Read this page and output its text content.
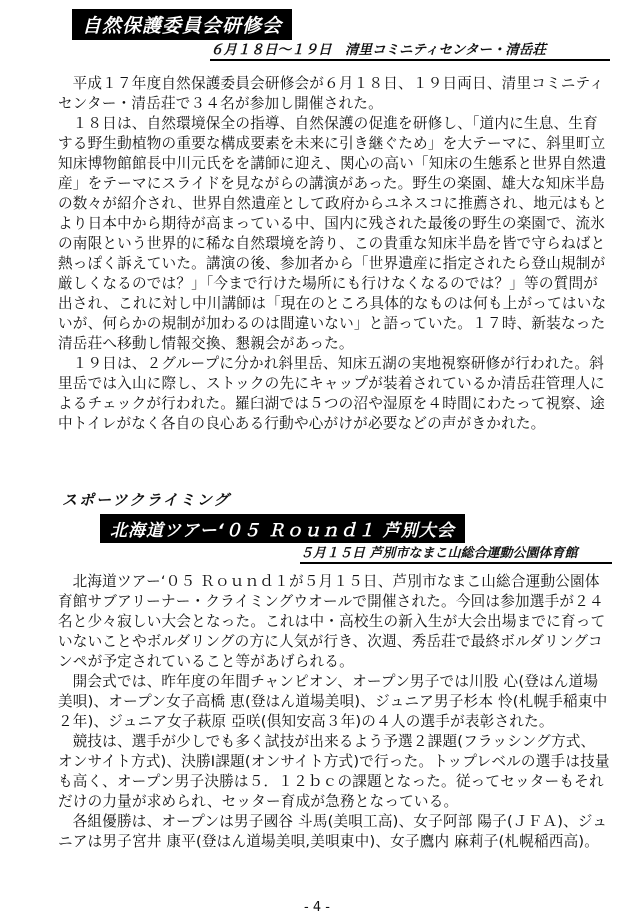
自然保護委員会研修会
６月１８日～１９日　清里コミニティセンター・清岳荘

平成１７年度自然保護委員会研修会が６月１８日、１９日両日、清里コミニティセンター・清岳荘で３４名が参加し開催された。

１８日は、自然環境保全の指導、自然保護の促進を研修し、「道内に生息、生育する野生動植物の重要な構成要素を未来に引き継ぐため」を大テーマに、斜里町立知床博物館館長中川元氏をを講師に迎え、関心の高い「知床の生態系と世界自然遺産」をテーマにスライドを見ながらの講演があった。野生の楽園、雄大な知床半島の数々が紹介され、世界自然遺産として政府からユネスコに推薦され、地元はもとより日本中から期待が高まっている中、国内に残された最後の野生の楽園で、流氷の南限という世界的に稀な自然環境を誇り、この貴重な知床半島を皆で守らねばと熱っぽく訴えていた。講演の後、参加者から「世界遺産に指定されたら登山規制が厳しくなるのでは？」「今まで行けた場所にも行けなくなるのでは？」等の質問が出され、これに対し中川講師は「現在のところ具体的なものは何も上がってはいないが、何らかの規制が加わるのは間違いない」と語っていた。１７時、新装なった清岳荘へ移動し情報交換、懇親会があった。

１９日は、２グループに分かれ斜里岳、知床五湖の実地視察研修が行われた。斜里岳では入山に際し、ストックの先にキャップが装着されているか清岳荘管理人によるチェックが行われた。羅臼湖では５つの沼や湿原を４時間にわたって視察、途中トイレがなく各自の良心ある行動や心がけが必要などの声がきかれた。

スポーツクライミング
北海道ツアー‘０５ Ｒｏｕｎｄ１ 芦別大会
５月１５日 芦別市なまこ山総合運動公園体育館

北海道ツアー‘０５ Ｒｏｕｎｄ１が５月１５日、芦別市なまこ山総合運動公園体育館サブアリーナー・クライミングウオールで開催された。今回は参加選手が２４名と少々寂しい大会となった。これは中・高校生の新入生が大会出場までに育っていないことやボルダリングの方に人気が行き、次週、秀岳荘で最終ボルダリングコンペが予定されていること等があげられる。

開会式では、昨年度の年間チャンピオン、オープン男子では川股 心(登はん道場美唄)、オープン女子高橋 恵(登はん道場美唄)、ジュニア男子杉本 怜(札幌手稲東中２年)、ジュニア女子萩原 亞咲(倶知安高３年)の４人の選手が表彰された。

競技は、選手が少しでも多く試技が出来るよう予選２課題(フラッシング方式、オンサイト方式)、決勝Ⅰ課題(オンサイト方式)で行った。トップレベルの選手は技量も高く、オープン男子決勝は５．１２ｂｃの課題となった。従ってセッターもそれだけの力量が求められ、セッター育成が急務となっている。

各組優勝は、オープンは男子國谷 斗馬(美唄工高)、女子阿部 陽子(ＪＦＡ)、ジュニアは男子宮井 康平(登はん道場美唄,美唄東中)、女子鷹内 麻莉子(札幌稲西高)。

- 4 -
